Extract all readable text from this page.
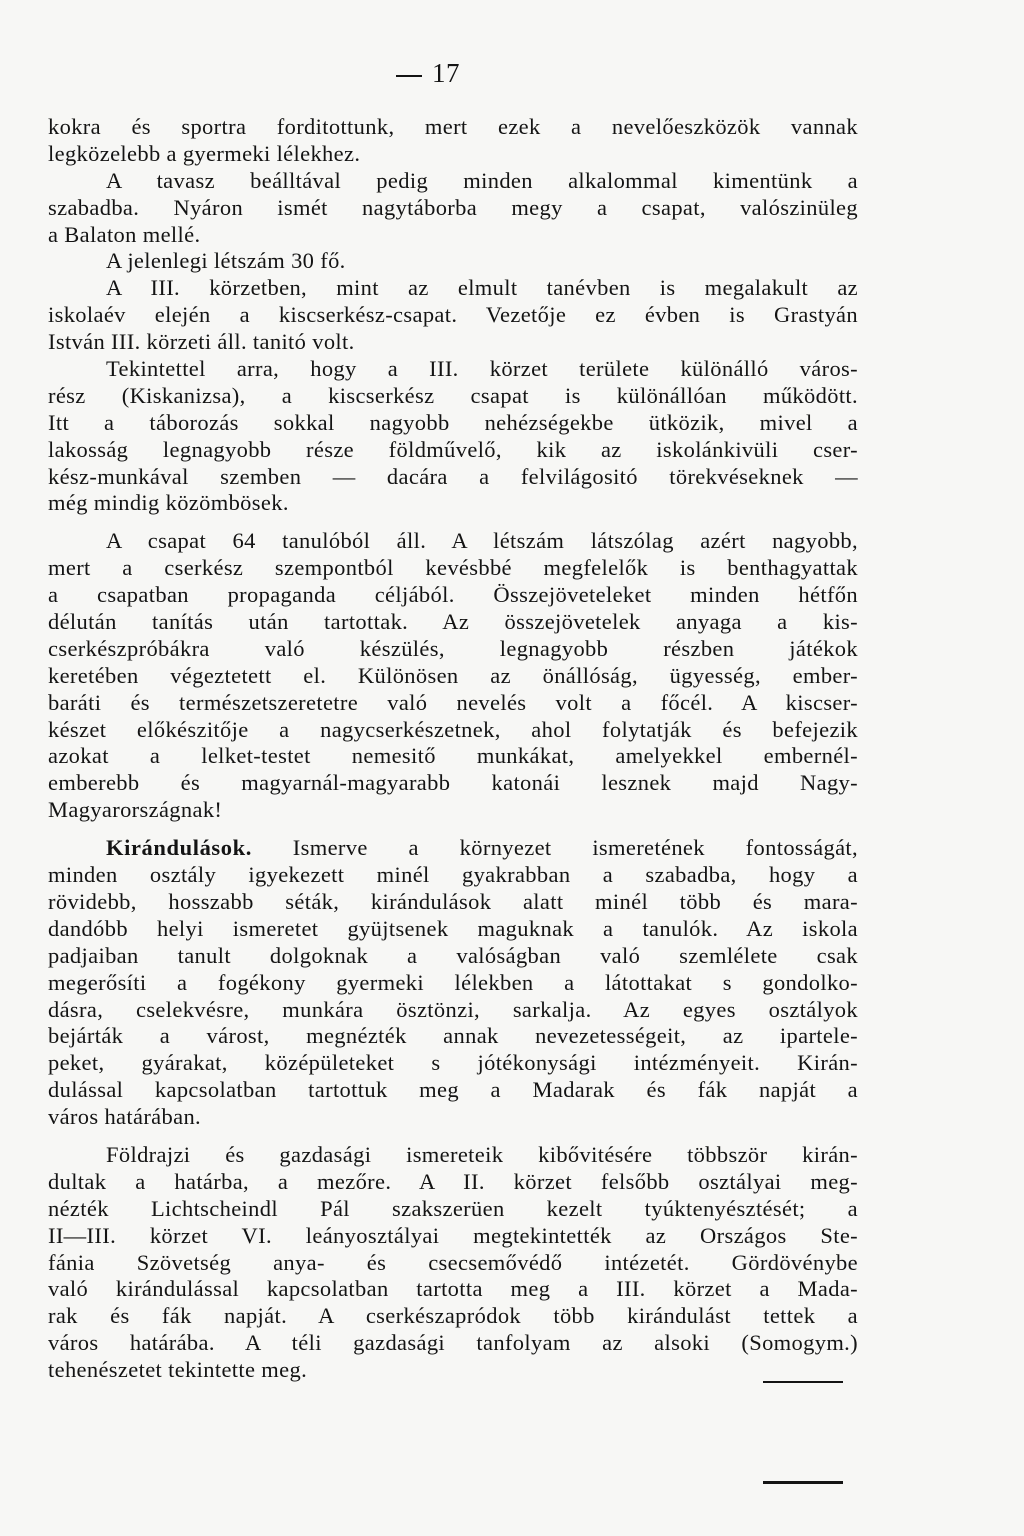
17
kokra és sportra forditottunk, mert ezek a nevelőeszközök vannak
legközelebb a gyermeki lélekhez.
A tavasz beálltával pedig minden alkalommal kimentünk a
szabadba. Nyáron ismét nagytáborba megy a csapat, valószinüleg
a Balaton mellé.
A jelenlegi létszám 30 fő.
A III. körzetben, mint az elmult tanévben is megalakult az
iskolaév elején a kiscserkész-csapat. Vezetője ez évben is Grastyán
István III. körzeti áll. tanitó volt.
Tekintettel arra, hogy a III. körzet területe különálló város-
rész (Kiskanizsa), a kiscserkész csapat is különállóan működött.
Itt a táborozás sokkal nagyobb nehézségekbe ütközik, mivel a
lakosság legnagyobb része földművelő, kik az iskolánkivüli cser-
kész-munkával szemben — dacára a felvilágositó törekvéseknek —
még mindig közömbösek.
A csapat 64 tanulóból áll. A létszám látszólag azért nagyobb,
mert a cserkész szempontból kevésbbé megfelelők is benthagyattak
a csapatban propaganda céljából. Összejöveteleket minden hétfőn
délután tanítás után tartottak. Az összejövetelek anyaga a kis-
cserkészpróbákra való készülés, legnagyobb részben játékok
keretében végeztetett el. Különösen az önállóság, ügyesség, ember-
baráti és természetszeretetre való nevelés volt a főcél. A kiscser-
készet előkészitője a nagycserkészetnek, ahol folytatják és befejezik
azokat a lelket-testet nemesitő munkákat, amelyekkel embernél-
emberebb és magyarnál-magyarabb katonái lesznek majd Nagy-
Magyarországnak!
Kirándulások. Ismerve a környezet ismeretének fontosságát,
minden osztály igyekezett minél gyakrabban a szabadba, hogy a
rövidebb, hosszabb séták, kirándulások alatt minél több és mara-
dandóbb helyi ismeretet gyüjtsenek maguknak a tanulók. Az iskola
padjaiban tanult dolgoknak a valóságban való szemlélete csak
megerősíti a fogékony gyermeki lélekben a látottakat s gondolko-
dásra, cselekvésre, munkára ösztönzi, sarkalja. Az egyes osztályok
bejárták a várost, megnézték annak nevezetességeit, az ipartele-
peket, gyárakat, középületeket s jótékonysági intézményeit. Kirán-
dulással kapcsolatban tartottuk meg a Madarak és fák napját a
város határában.
Földrajzi és gazdasági ismereteik kibővitésére többször kirán-
dultak a határba, a mezőre. A II. körzet felsőbb osztályai meg-
nézték Lichtscheindl Pál szakszerüen kezelt tyúktenyésztését; a
II—III. körzet VI. leányosztályai megtekintették az Országos Ste-
fánia Szövetség anya- és csecsemővédő intézetét. Gördövénybe
való kirándulással kapcsolatban tartotta meg a III. körzet a Mada-
rak és fák napját. A cserkészapródok több kirándulást tettek a
város határába. A téli gazdasági tanfolyam az alsoki (Somogym.)
tehenészetet tekintette meg.
